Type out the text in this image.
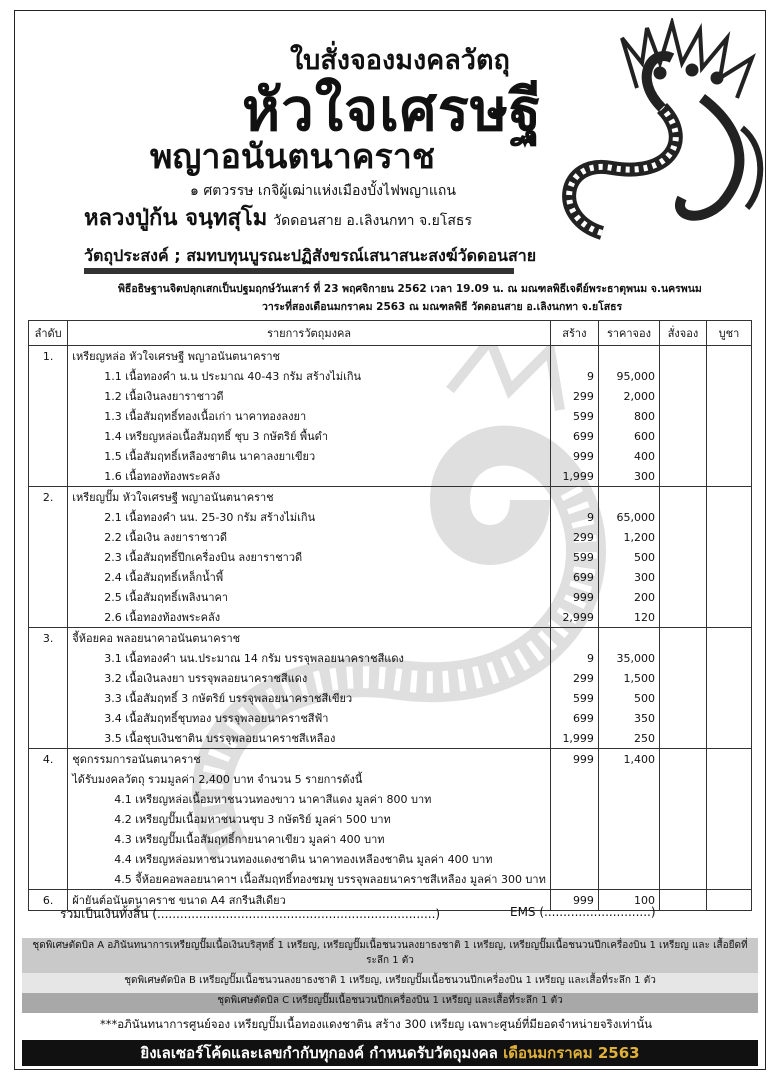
ใบสั่งจองมงคลวัตถุ
หัวใจเศรษฐี
พญาอนันตนาคราช
๑ ศตวรรษ เกจิผู้เฒ่าแห่งเมืองบั้งไฟพญาแถน
หลวงปู่ก้น จนฺทสุโม วัดดอนสาย อ.เลิงนกทา จ.ยโสธร
วัตถุประสงค์ ; สมทบทุนบูรณะปฏิสังขรณ์เสนาสนะสงฆ์วัดดอนสาย
พิธีอธิษฐานจิตปลุกเสกเป็นปฐมฤกษ์วันเสาร์ ที่ 23 พฤศจิกายน 2562 เวลา 19.09 น. ณ มณฑลพิธีเจดีย์พระธาตุพนม จ.นครพนม
วาระที่สองเดือนมกราคม 2563 ณ มณฑลพิธี วัดดอนสาย อ.เลิงนกทา จ.ยโสธร
ลำดับ	รายการวัตถุมงคล	สร้าง	ราคาจอง	สั่งจอง	บูชา
1.	เหรียญหล่อ หัวใจเศรษฐี พญาอนันตนาคราช				
	1.1 เนื้อทองคำ น.น ประมาณ 40-43 กรัม สร้างไม่เกิน	9	95,000		
	1.2 เนื้อเงินลงยาราชาวดี	299	2,000		
	1.3 เนื้อสัมฤทธิ์ทองเนื้อเก่า นาคาทองลงยา	599	800		
	1.4 เหรียญหล่อเนื้อสัมฤทธิ์ ชุบ 3 กษัตริย์ พื้นดำ	699	600		
	1.5 เนื้อสัมฤทธิ์เหลืองชาติน นาคาลงยาเขียว	999	400		
	1.6 เนื้อทองท้องพระคลัง	1,999	300		
2.	เหรียญปั๊ม หัวใจเศรษฐี พญาอนันตนาคราช				
	2.1 เนื้อทองคำ นน. 25-30 กรัม สร้างไม่เกิน	9	65,000		
	2.2 เนื้อเงิน ลงยาราชาวดี	299	1,200		
	2.3 เนื้อสัมฤทธิ์ปีกเครื่องบิน ลงยาราชาวดี	599	500		
	2.4 เนื้อสัมฤทธิ์เหล็กน้ำพี้	699	300		
	2.5 เนื้อสัมฤทธิ์เพลิงนาคา	999	200		
	2.6 เนื้อทองท้องพระคลัง	2,999	120		
3.	จี้ห้อยคอ พลอยนาคาอนันตนาคราช				
	3.1 เนื้อทองคำ นน.ประมาณ 14 กรัม บรรจุพลอยนาคราชสีแดง	9	35,000		
	3.2 เนื้อเงินลงยา บรรจุพลอยนาคราชสีแดง	299	1,500		
	3.3 เนื้อสัมฤทธิ์ 3 กษัตริย์ บรรจุพลอยนาคราชสีเขียว	599	500		
	3.4 เนื้อสัมฤทธิ์ชุบทอง บรรจุพลอยนาคราชสีฟ้า	699	350		
	3.5 เนื้อชุบเงินชาติน บรรจุพลอยนาคราชสีเหลือง	1,999	250		
4.	ชุดกรรมการอนันตนาคราช	999	1,400		
	ได้รับมงคลวัตถุ รวมมูลค่า 2,400 บาท จำนวน 5 รายการดังนี้				
	4.1 เหรียญหล่อเนื้อมหาชนวนทองขาว นาคาสีแดง มูลค่า 800 บาท				
	4.2 เหรียญปั๊มเนื้อมหาชนวนชุบ 3 กษัตริย์ มูลค่า 500 บาท				
	4.3 เหรียญปั๊มเนื้อสัมฤทธิ์กายนาคาเขียว มูลค่า 400 บาท				
	4.4 เหรียญหล่อมหาชนวนทองแดงชาติน นาคาทองเหลืองชาติน มูลค่า 400 บาท				
	4.5 จี้ห้อยคอพลอยนาคาฯ เนื้อสัมฤทธิ์ทองชมพู บรรจุพลอยนาคราชสีเหลือง มูลค่า 300 บาท				
6.	ผ้ายันต์อนันตนาคราช ขนาด A4 สกรีนสีเดียว	999	100		
รวมเป็นเงินทั้งสิ้น (.........................................................................)	EMS (............................)
ชุดพิเศษตัดบิล A อภินันทนาการเหรียญปั๊มเนื้อเงินบริสุทธิ์ 1 เหรียญ, เหรียญปั๊มเนื้อชนวนลงยาธงชาติ 1 เหรียญ, เหรียญปั๊มเนื้อชนวนปีกเครื่องบิน 1 เหรียญ และ เสื้อยืดที่ระลึก 1 ตัว
ชุดพิเศษตัดบิล B เหรียญปั๊มเนื้อชนวนลงยาธงชาติ 1 เหรียญ, เหรียญปั๊มเนื้อชนวนปีกเครื่องบิน 1 เหรียญ และเสื้อที่ระลึก 1 ตัว
ชุดพิเศษตัดบิล C เหรียญปั๊มเนื้อชนวนปีกเครื่องบิน 1 เหรียญ และเสื้อที่ระลึก 1 ตัว
***อภินันทนาการศูนย์จอง เหรียญปั๊มเนื้อทองแดงชาติน สร้าง 300 เหรียญ เฉพาะศูนย์ที่มียอดจำหน่ายจริงเท่านั้น
ยิงเลเซอร์โค้ดและเลขกำกับทุกองค์ กำหนดรับวัตถุมงคล เดือนมกราคม 2563
